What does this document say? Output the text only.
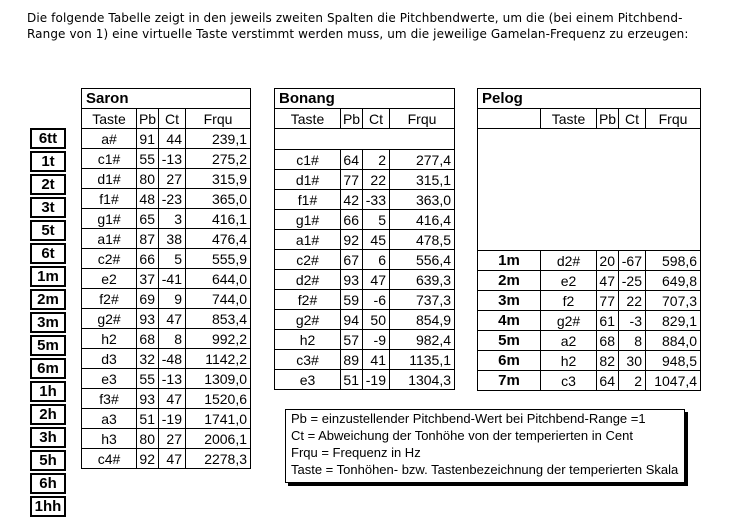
Die folgende Tabelle zeigt in den jeweils zweiten Spalten die Pitchbendwerte, um die (bei einem Pitchbend-Range von 1) eine virtuelle Taste verstimmt werden muss, um die jeweilige Gamelan-Frequenz zu erzeugen:
6tt

1t

2t

3t

5t

6t

1m

2m

3m

5m

6m

1h

2h

3h

5h

6h

1hh
Saron			
Taste	Pb	Ct	Frqu
a#	91	44	239,1
c1#	55	-13	275,2
d1#	80	27	315,9
f1#	48	-23	365,0
g1#	65	3	416,1
a1#	87	38	476,4
c2#	66	5	555,9
e2	37	-41	644,0
f2#	69	9	744,0
g2#	93	47	853,4
h2	68	8	992,2
d3	32	-48	1142,2
e3	55	-13	1309,0
f3#	93	47	1520,6
a3	51	-19	1741,0
h3	80	27	2006,1
c4#	92	47	2278,3
Bonang			
Taste	Pb	Ct	Frqu

c1#	64	2	277,4
d1#	77	22	315,1
f1#	42	-33	363,0
g1#	66	5	416,4
a1#	92	45	478,5
c2#	67	6	556,4
d2#	93	47	639,3
f2#	59	-6	737,3
g2#	94	50	854,9
h2	57	-9	982,4
c3#	89	41	1135,1
e3	51	-19	1304,3
Pelog				
	Taste	Pb	Ct	Frqu

1m	d2#	20	-67	598,6
2m	e2	47	-25	649,8
3m	f2	77	22	707,3
4m	g2#	61	-3	829,1
5m	a2	68	8	884,0
6m	h2	82	30	948,5
7m	c3	64	2	1047,4
Pb = einzustellender Pitchbend-Wert bei Pitchbend-Range =1
Ct = Abweichung der Tonhöhe von der temperierten in Cent
Frqu = Frequenz in Hz
Taste = Tonhöhen- bzw. Tastenbezeichnung der temperierten Skala
